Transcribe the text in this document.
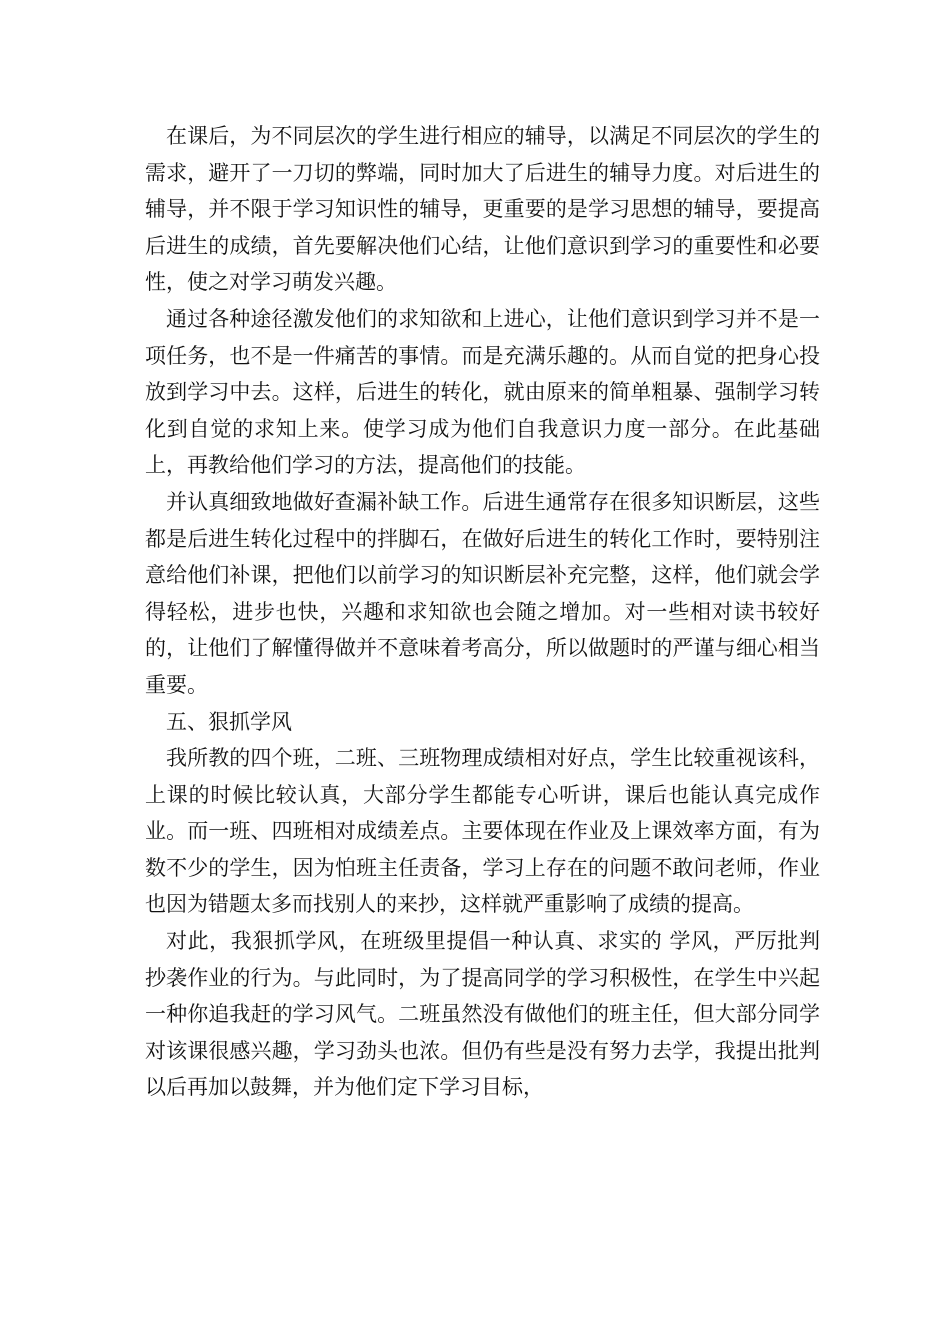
在课后，为不同层次的学生进行相应的辅导，以满足不同层次的学生的需求，避开了一刀切的弊端，同时加大了后进生的辅导力度。对后进生的辅导，并不限于学习知识性的辅导，更重要的是学习思想的辅导，要提高后进生的成绩，首先要解决他们心结，让他们意识到学习的重要性和必要性，使之对学习萌发兴趣。

通过各种途径激发他们的求知欲和上进心，让他们意识到学习并不是一项任务，也不是一件痛苦的事情。而是充满乐趣的。从而自觉的把身心投放到学习中去。这样，后进生的转化，就由原来的简单粗暴、强制学习转化到自觉的求知上来。使学习成为他们自我意识力度一部分。在此基础上，再教给他们学习的方法，提高他们的技能。

并认真细致地做好查漏补缺工作。后进生通常存在很多知识断层，这些都是后进生转化过程中的拌脚石，在做好后进生的转化工作时，要特别注意给他们补课，把他们以前学习的知识断层补充完整，这样，他们就会学得轻松，进步也快，兴趣和求知欲也会随之增加。对一些相对读书较好的，让他们了解懂得做并不意味着考高分，所以做题时的严谨与细心相当重要。

五、狠抓学风

我所教的四个班，二班、三班物理成绩相对好点，学生比较重视该科，上课的时候比较认真，大部分学生都能专心听讲，课后也能认真完成作业。而一班、四班相对成绩差点。主要体现在作业及上课效率方面，有为数不少的学生，因为怕班主任责备，学习上存在的问题不敢问老师，作业也因为错题太多而找别人的来抄，这样就严重影响了成绩的提高。

对此，我狠抓学风，在班级里提倡一种认真、求实的 学风，严厉批判抄袭作业的行为。与此同时，为了提高同学的学习积极性，在学生中兴起一种你追我赶的学习风气。二班虽然没有做他们的班主任，但大部分同学对该课很感兴趣，学习劲头也浓。但仍有些是没有努力去学，我提出批判以后再加以鼓舞，并为他们定下学习目标，
